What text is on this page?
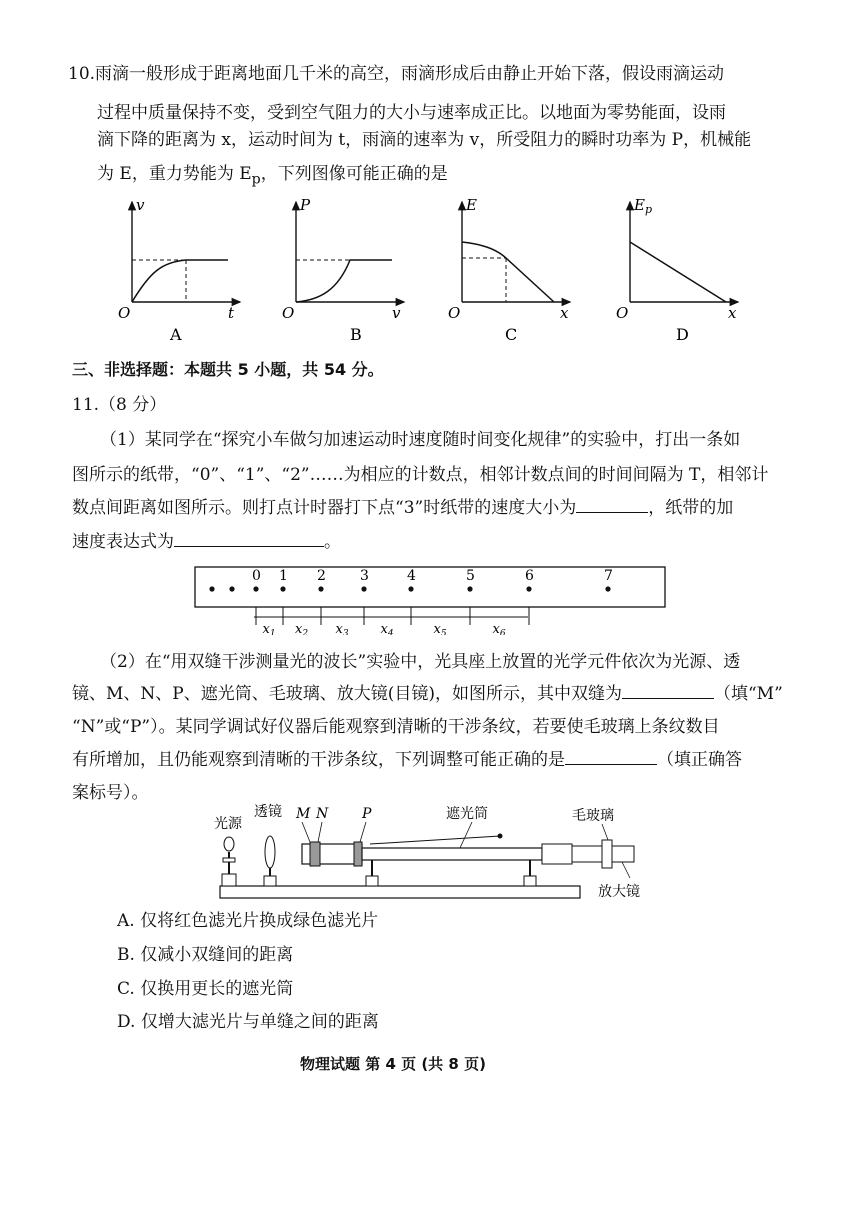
10.雨滴一般形成于距离地面几千米的高空，雨滴形成后由静止开始下落，假设雨滴运动
过程中质量保持不变，受到空气阻力的大小与速率成正比。以地面为零势能面，设雨
滴下降的距离为 x，运动时间为 t，雨滴的速率为 v，所受阻力的瞬时功率为 P，机械能
为 E，重力势能为 $E_p$，下列图像可能正确的是
v
t
O
A
P
v
O
B
E
x
O
C
$E_p$
x
O
D
三、非选择题：本题共 5 小题，共 54 分。
11.（8 分）
（1）某同学在“探究小车做匀加速运动时速度随时间变化规律”的实验中，打出一条如
图所示的纸带，“0”、“1”、“2”……为相应的计数点，相邻计数点间的时间间隔为 T，相邻计
数点间距离如图所示。则打点计时器打下点“3”时纸带的速度大小为	，纸带的加
速度表达式为	。
0 1 2 3	4	5	6	7
$x_1$ $x_2$ $x_3$ $x_4$	$x_5$	$x_6$
（2）在“用双缝干涉测量光的波长”实验中，光具座上放置的光学元件依次为光源、透
镜、M、N、P、遮光筒、毛玻璃、放大镜(目镜)，如图所示，其中双缝为	（填“M”
“N”或“P”）。某同学调试好仪器后能观察到清晰的干涉条纹，若要使毛玻璃上条纹数目
有所增加，且仍能观察到清晰的干涉条纹，下列调整可能正确的是	（填正确答
案标号）。
光源
透镜 M N P	遮光筒	毛玻璃
放大镜
A. 仅将红色滤光片换成绿色滤光片
B. 仅减小双缝间的距离
C. 仅换用更长的遮光筒
D. 仅增大滤光片与单缝之间的距离
物理试题 第 4 页 (共 8 页)
